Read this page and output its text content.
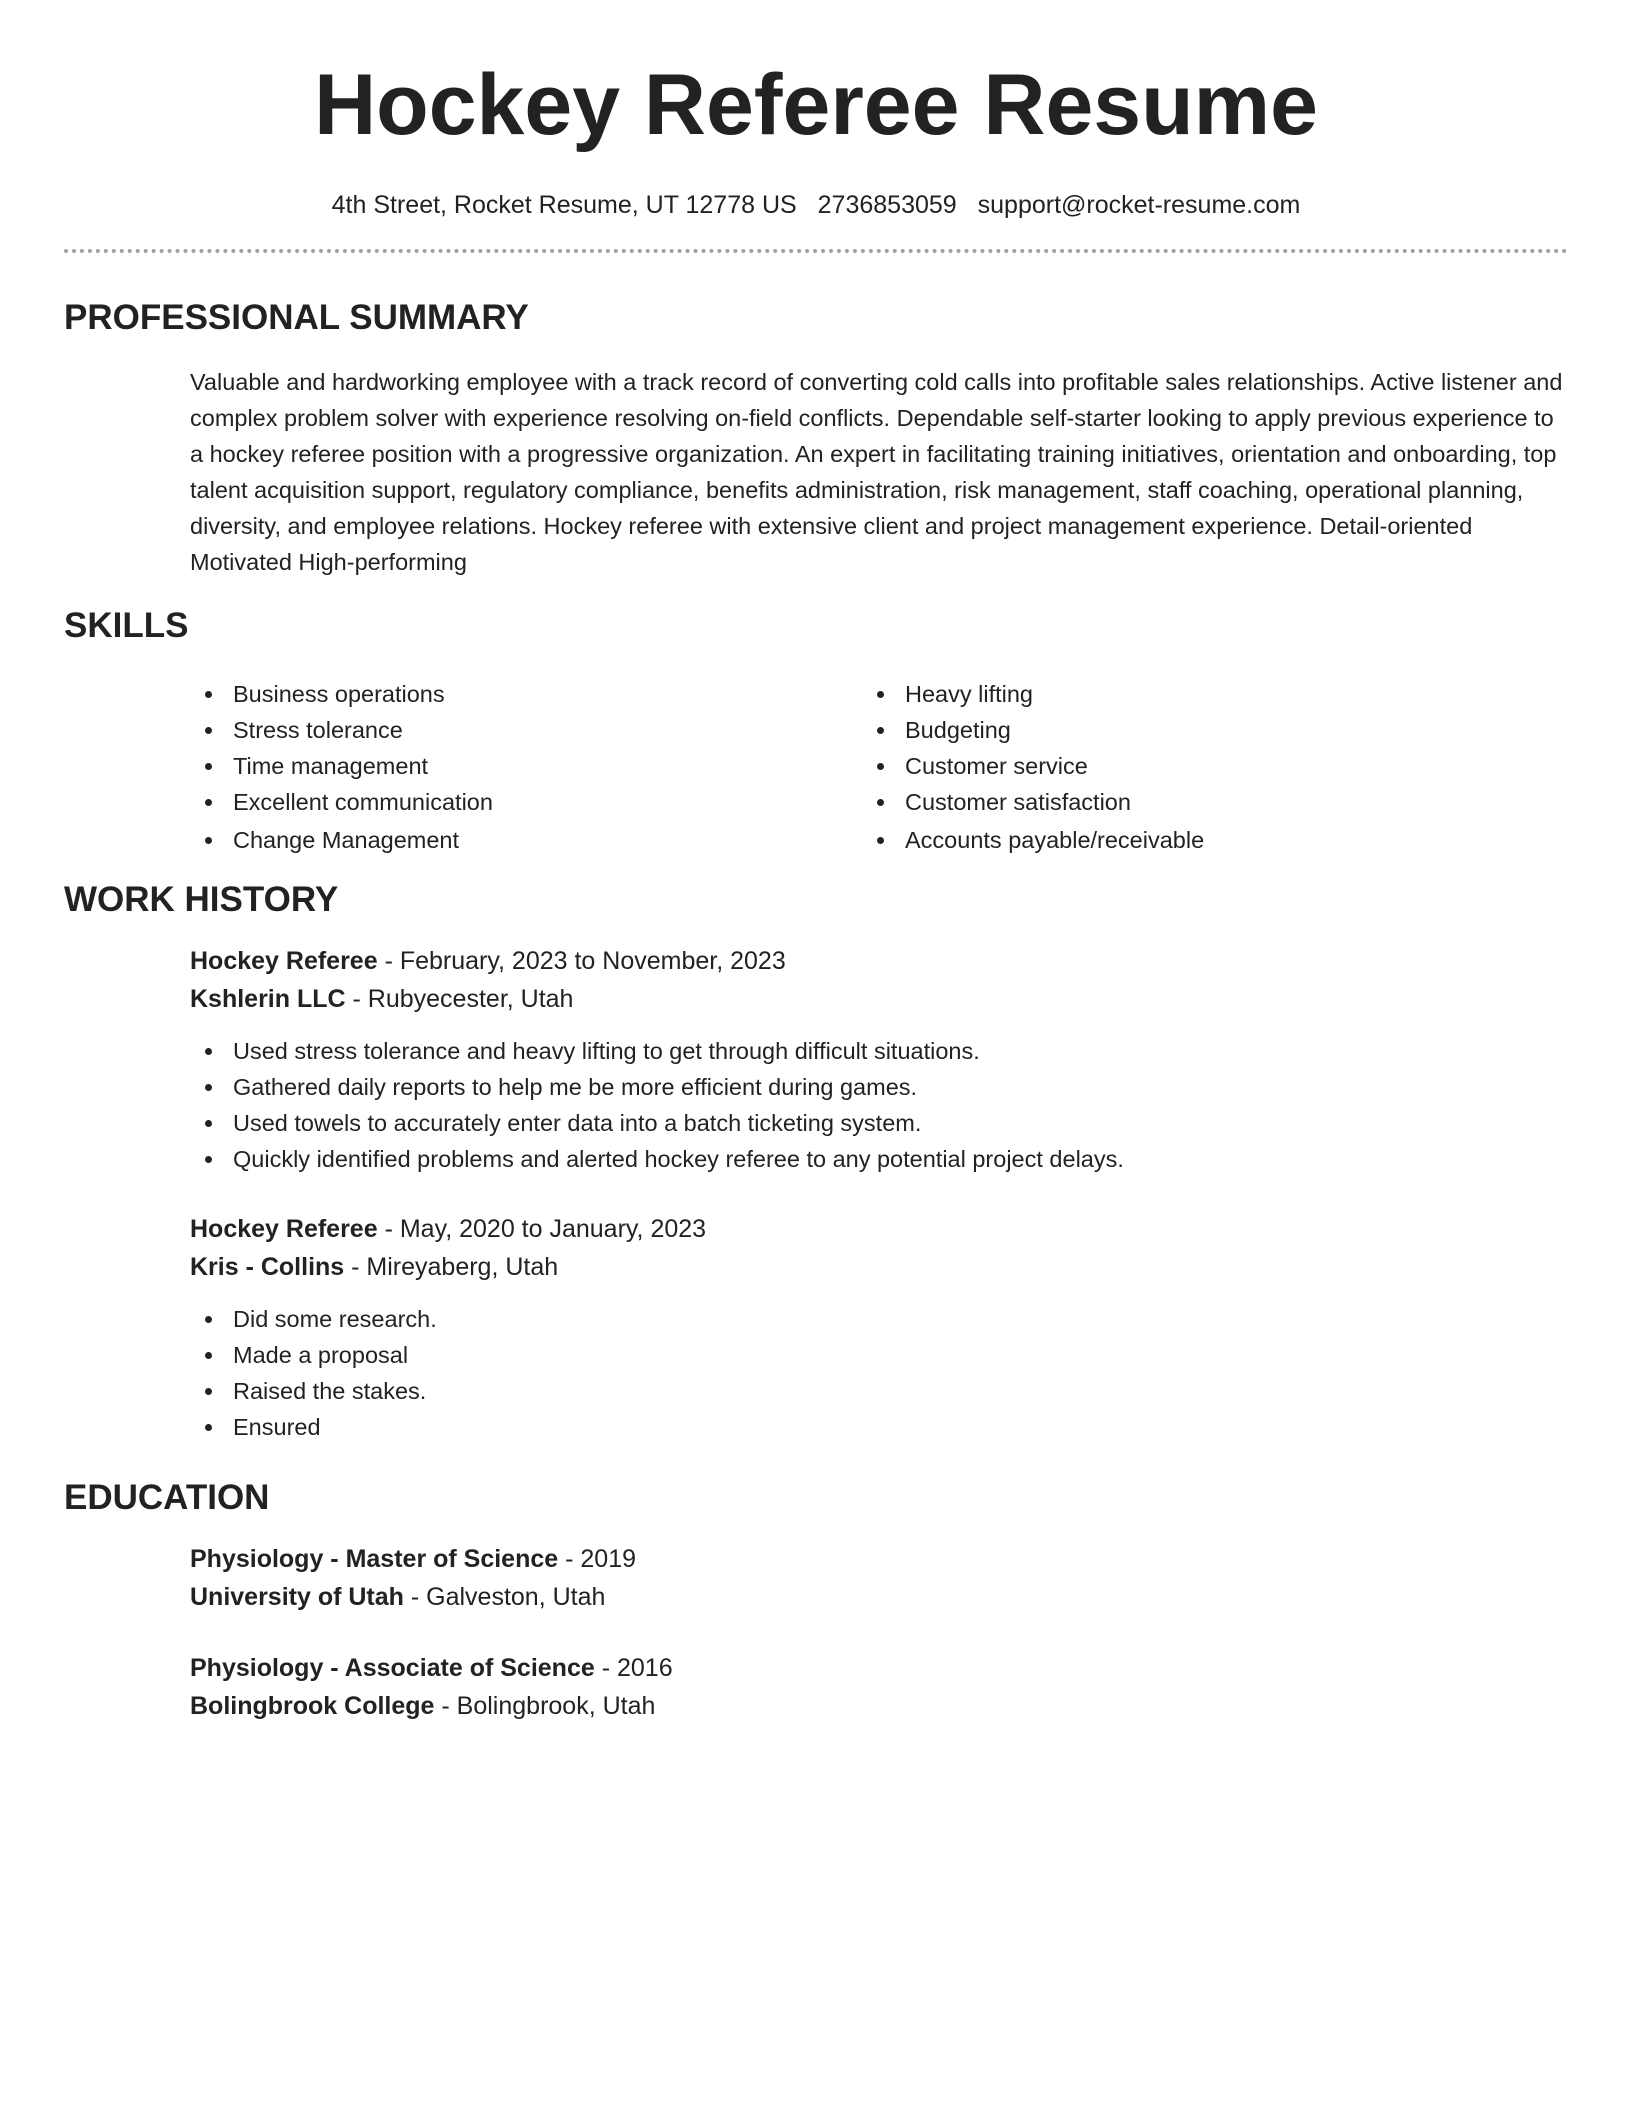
Hockey Referee Resume
4th Street, Rocket Resume, UT 12778 US 2736853059 support@rocket-resume.com
PROFESSIONAL SUMMARY

Valuable and hardworking employee with a track record of converting cold calls into profitable sales relationships. Active listener and complex problem solver with experience resolving on-field conflicts. Dependable self-starter looking to apply previous experience to a hockey referee position with a progressive organization. An expert in facilitating training initiatives, orientation and onboarding, top talent acquisition support, regulatory compliance, benefits administration, risk management, staff coaching, operational planning, diversity, and employee relations. Hockey referee with extensive client and project management experience. Detail-oriented Motivated High-performing

SKILLS
Business operations
Stress tolerance
Time management
Excellent communication
Change Management
Heavy lifting
Budgeting
Customer service
Customer satisfaction
Accounts payable/receivable
WORK HISTORY
Hockey Referee - February, 2023 to November, 2023
Kshlerin LLC - Rubyecester, Utah
Used stress tolerance and heavy lifting to get through difficult situations.
Gathered daily reports to help me be more efficient during games.
Used towels to accurately enter data into a batch ticketing system.
Quickly identified problems and alerted hockey referee to any potential project delays.
Hockey Referee - May, 2020 to January, 2023
Kris - Collins - Mireyaberg, Utah
Did some research.
Made a proposal
Raised the stakes.
Ensured
EDUCATION
Physiology - Master of Science - 2019
University of Utah - Galveston, Utah
Physiology - Associate of Science - 2016
Bolingbrook College - Bolingbrook, Utah
